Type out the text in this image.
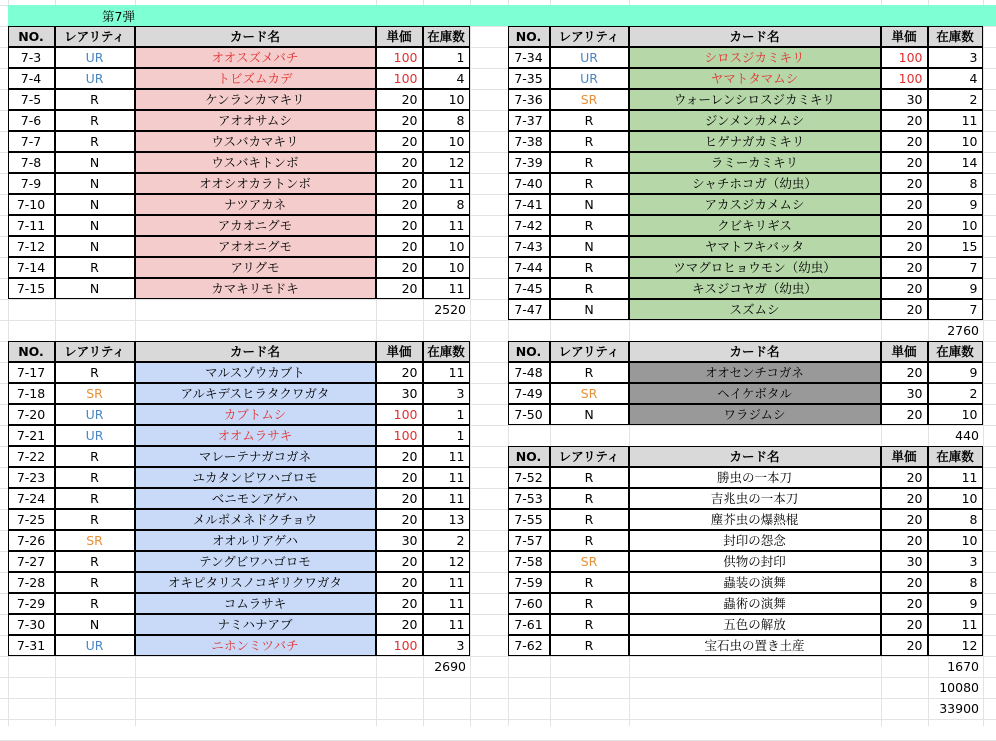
第7弾
NO.	レアリティ	カード名	単価	在庫数
7-3	UR	オオスズメバチ	100	1
7-4	UR	トビズムカデ	100	4
7-5	R	ケンランカマキリ	20	10
7-6	R	アオオサムシ	20	8
7-7	R	ウスバカマキリ	20	10
7-8	N	ウスバキトンボ	20	12
7-9	N	オオシオカラトンボ	20	11
7-10	N	ナツアカネ	20	8
7-11	N	アカオニグモ	20	11
7-12	N	アオオニグモ	20	10
7-14	R	アリグモ	20	10
7-15	N	カマキリモドキ	20	11
2520
NO.	レアリティ	カード名	単価	在庫数
7-34	UR	シロスジカミキリ	100	3
7-35	UR	ヤマトタマムシ	100	4
7-36	SR	ウォーレンシロスジカミキリ	30	2
7-37	R	ジンメンカメムシ	20	11
7-38	R	ヒゲナガカミキリ	20	10
7-39	R	ラミーカミキリ	20	14
7-40	R	シャチホコガ（幼虫）	20	8
7-41	N	アカスジカメムシ	20	9
7-42	R	クビキリギス	20	10
7-43	N	ヤマトフキバッタ	20	15
7-44	R	ツマグロヒョウモン（幼虫）	20	7
7-45	R	キスジコヤガ（幼虫）	20	9
7-47	N	スズムシ	20	7
2760
NO.	レアリティ	カード名	単価	在庫数
7-17	R	マルスゾウカブト	20	11
7-18	SR	アルキデスヒラタクワガタ	30	3
7-20	UR	カブトムシ	100	1
7-21	UR	オオムラサキ	100	1
7-22	R	マレーテナガコガネ	20	11
7-23	R	ユカタンビワハゴロモ	20	11
7-24	R	ベニモンアゲハ	20	11
7-25	R	メルポメネドクチョウ	20	13
7-26	SR	オオルリアゲハ	30	2
7-27	R	テングビワハゴロモ	20	12
7-28	R	オキピタリスノコギリクワガタ	20	11
7-29	R	コムラサキ	20	11
7-30	N	ナミハナアブ	20	11
7-31	UR	ニホンミツバチ	100	3
2690
NO.	レアリティ	カード名	単価	在庫数
7-48	R	オオセンチコガネ	20	9
7-49	SR	ヘイケボタル	30	2
7-50	N	ワラジムシ	20	10
440
NO.	レアリティ	カード名	単価	在庫数
7-52	R	勝虫の一本刀	20	11
7-53	R	吉兆虫の一本刀	20	10
7-55	R	塵芥虫の爆熱棍	20	8
7-57	R	封印の怨念	20	10
7-58	SR	供物の封印	30	3
7-59	R	蟲装の演舞	20	8
7-60	R	蟲術の演舞	20	9
7-61	R	五色の解放	20	11
7-62	R	宝石虫の置き土産	20	12
1670
10080
33900
